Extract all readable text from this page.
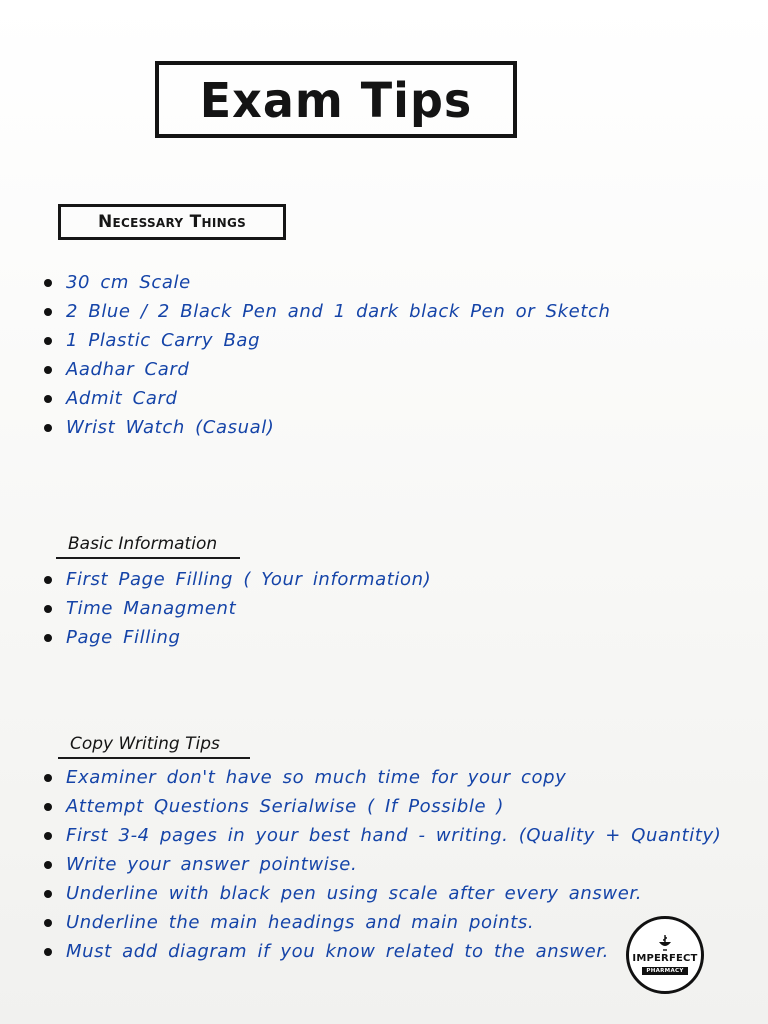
Exam Tips
Necessary Things
30 cm Scale
2 Blue / 2 Black Pen and 1 dark black Pen or Sketch
1 Plastic Carry Bag
Aadhar Card
Admit Card
Wrist Watch (Casual)
Basic Information
First Page Filling ( Your information)
Time Managment
Page Filling
Copy Writing Tips
Examiner don't have so much time for your copy
Attempt Questions Serialwise ( If Possible )
First 3-4 pages in your best hand - writing. (Quality + Quantity)
Write your answer pointwise.
Underline with black pen using scale after every answer.
Underline the main headings and main points.
Must add diagram if you know related to the answer. IMPERFECT
PHARMACY
